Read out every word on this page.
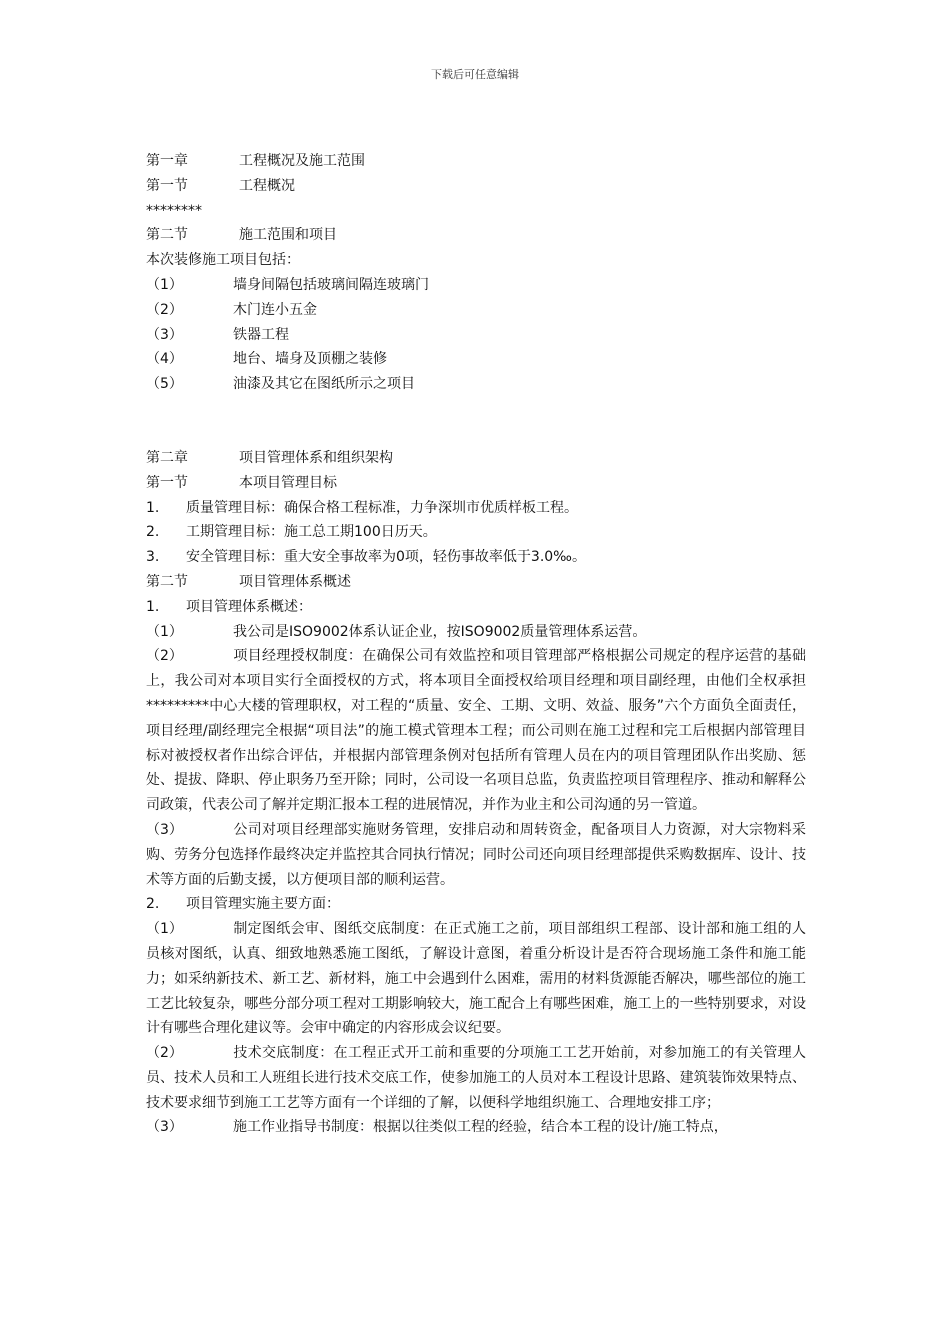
下载后可任意编辑
第一章	工程概况及施工范围
第一节	工程概况
********
第二节	施工范围和项目
本次装修施工项目包括：
（1）	墙身间隔包括玻璃间隔连玻璃门
（2）	木门连小五金
（3）	铁器工程
（4）	地台、墙身及顶棚之装修
（5）	油漆及其它在图纸所示之项目
第二章	项目管理体系和组织架构
第一节	本项目管理目标
1. 质量管理目标：确保合格工程标准，力争深圳市优质样板工程。
2. 工期管理目标：施工总工期100日历天。
3. 安全管理目标：重大安全事故率为0项，轻伤事故率低于3.0‰。
第二节	项目管理体系概述
1. 项目管理体系概述：
（1）	我公司是ISO9002体系认证企业，按ISO9002质量管理体系运营。
（2）	项目经理授权制度：在确保公司有效监控和项目管理部严格根据公司规定的程序运营的基础上，我公司对本项目实行全面授权的方式，将本项目全面授权给项目经理和项目副经理，由他们全权承担*********中心大楼的管理职权，对工程的“质量、安全、工期、文明、效益、服务”六个方面负全面责任，项目经理/副经理完全根据“项目法”的施工模式管理本工程；而公司则在施工过程和完工后根据内部管理目标对被授权者作出综合评估，并根据内部管理条例对包括所有管理人员在内的项目管理团队作出奖励、惩处、提拔、降职、停止职务乃至开除；同时，公司设一名项目总监，负责监控项目管理程序、推动和解释公司政策，代表公司了解并定期汇报本工程的进展情况，并作为业主和公司沟通的另一管道。
（3）	公司对项目经理部实施财务管理，安排启动和周转资金，配备项目人力资源，对大宗物料采购、劳务分包选择作最终决定并监控其合同执行情况；同时公司还向项目经理部提供采购数据库、设计、技术等方面的后勤支援，以方便项目部的顺利运营。
2. 项目管理实施主要方面：
（1）	制定图纸会审、图纸交底制度：在正式施工之前，项目部组织工程部、设计部和施工组的人员核对图纸，认真、细致地熟悉施工图纸，了解设计意图，着重分析设计是否符合现场施工条件和施工能力；如采纳新技术、新工艺、新材料，施工中会遇到什么困难，需用的材料货源能否解决，哪些部位的施工工艺比较复杂，哪些分部分项工程对工期影响较大，施工配合上有哪些困难，施工上的一些特别要求，对设计有哪些合理化建议等。会审中确定的内容形成会议纪要。
（2）	技术交底制度：在工程正式开工前和重要的分项施工工艺开始前，对参加施工的有关管理人员、技术人员和工人班组长进行技术交底工作，使参加施工的人员对本工程设计思路、建筑装饰效果特点、技术要求细节到施工工艺等方面有一个详细的了解，以便科学地组织施工、合理地安排工序；
（3）	施工作业指导书制度：根据以往类似工程的经验，结合本工程的设计/施工特点，
